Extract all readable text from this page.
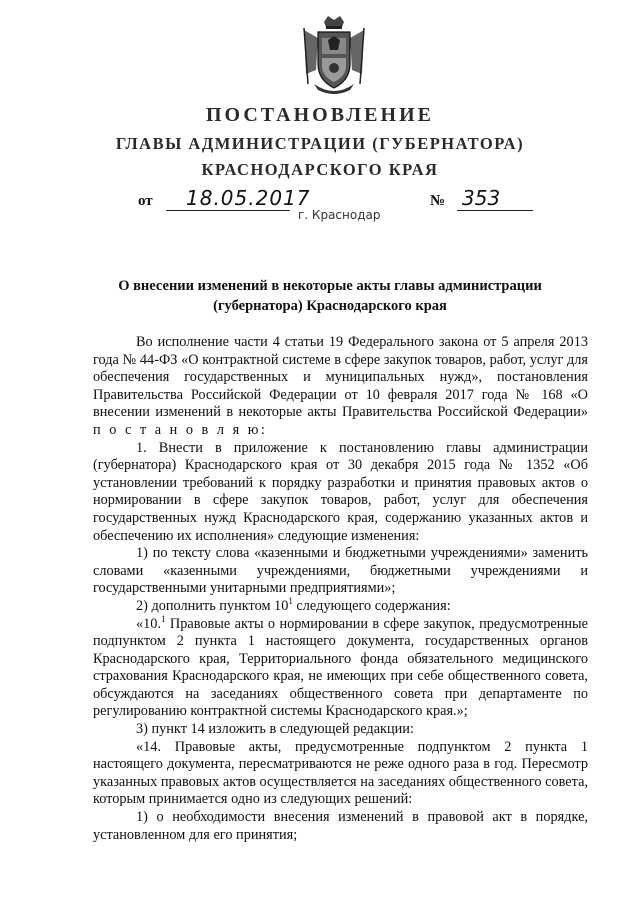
ПОСТАНОВЛЕНИЕ
ГЛАВЫ АДМИНИСТРАЦИИ (ГУБЕРНАТОРА)
КРАСНОДАРСКОГО КРАЯ
от 18.05.2017	№ 353
г. Краснодар
О внесении изменений в некоторые акты главы администрации (губернатора) Краснодарского края

Во исполнение части 4 статьи 19 Федерального закона от 5 апреля 2013 года № 44-ФЗ «О контрактной системе в сфере закупок товаров, работ, услуг для обеспечения государственных и муниципальных нужд», постановления Правительства Российской Федерации от 10 февраля 2017 года № 168 «О внесении изменений в некоторые акты Правительства Российской Федерации» п о с т а н о в л я ю:

1. Внести в приложение к постановлению главы администрации (губернатора) Краснодарского края от 30 декабря 2015 года № 1352 «Об установлении требований к порядку разработки и принятия правовых актов о нормировании в сфере закупок товаров, работ, услуг для обеспечения государственных нужд Краснодарского края, содержанию указанных актов и обеспечению их исполнения» следующие изменения:

1) по тексту слова «казенными и бюджетными учреждениями» заменить словами «казенными учреждениями, бюджетными учреждениями и государственными унитарными предприятиями»;

2) дополнить пунктом $10^1$ следующего содержания:

«10.$^1$ Правовые акты о нормировании в сфере закупок, предусмотренные подпунктом 2 пункта 1 настоящего документа, государственных органов Краснодарского края, Территориального фонда обязательного медицинского страхования Краснодарского края, не имеющих при себе общественного совета, обсуждаются на заседаниях общественного совета при департаменте по регулированию контрактной системы Краснодарского края.»;

3) пункт 14 изложить в следующей редакции:

«14. Правовые акты, предусмотренные подпунктом 2 пункта 1 настоящего документа, пересматриваются не реже одного раза в год. Пересмотр указанных правовых актов осуществляется на заседаниях общественного совета, которым принимается одно из следующих решений:

1) о необходимости внесения изменений в правовой акт в порядке, установленном для его принятия;
